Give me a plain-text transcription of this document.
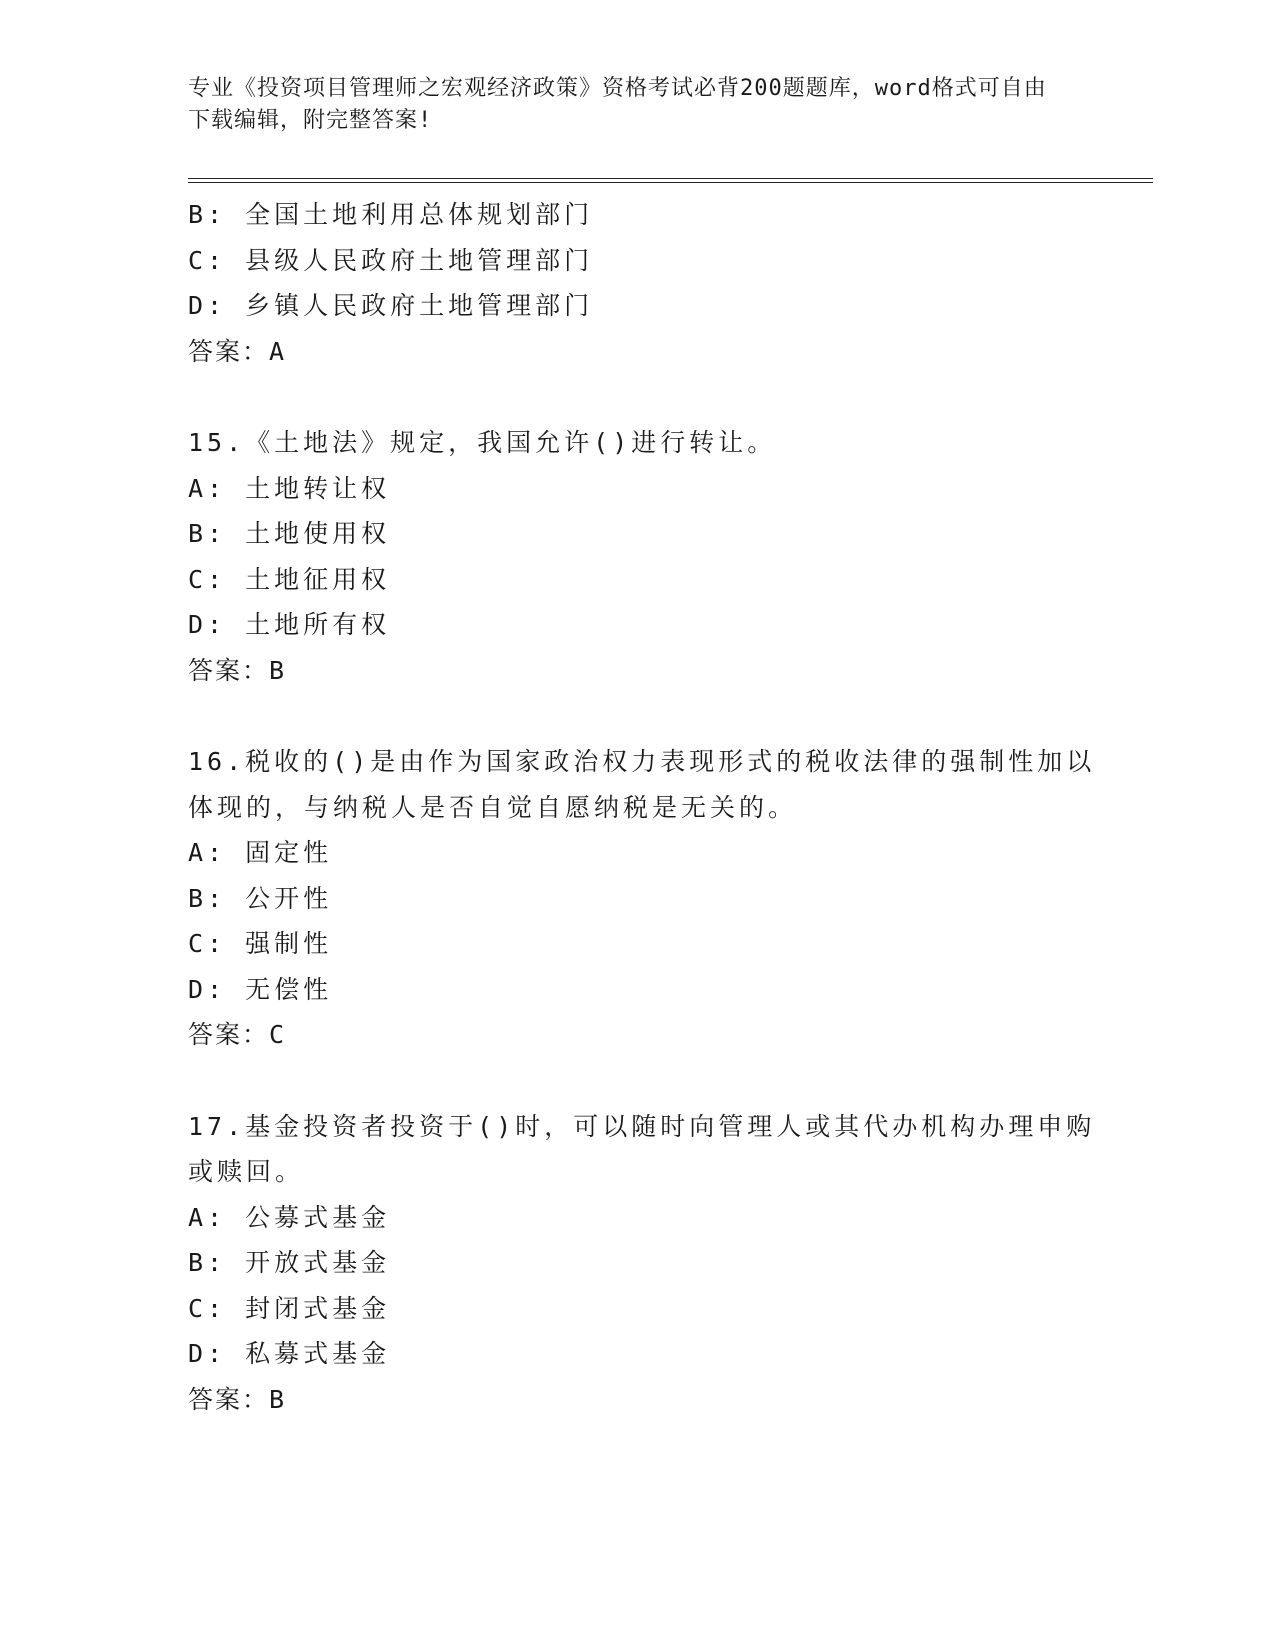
专业《投资项目管理师之宏观经济政策》资格考试必背200题题库，word格式可自由下载编辑，附完整答案!
B: 全国土地利用总体规划部门
C: 县级人民政府土地管理部门
D: 乡镇人民政府土地管理部门
答案：A
15.《土地法》规定，我国允许()进行转让。
A: 土地转让权
B: 土地使用权
C: 土地征用权
D: 土地所有权
答案：B
16.税收的()是由作为国家政治权力表现形式的税收法律的强制性加以
体现的，与纳税人是否自觉自愿纳税是无关的。
A: 固定性
B: 公开性
C: 强制性
D: 无偿性
答案：C
17.基金投资者投资于()时，可以随时向管理人或其代办机构办理申购
或赎回。
A: 公募式基金
B: 开放式基金
C: 封闭式基金
D: 私募式基金
答案：B
